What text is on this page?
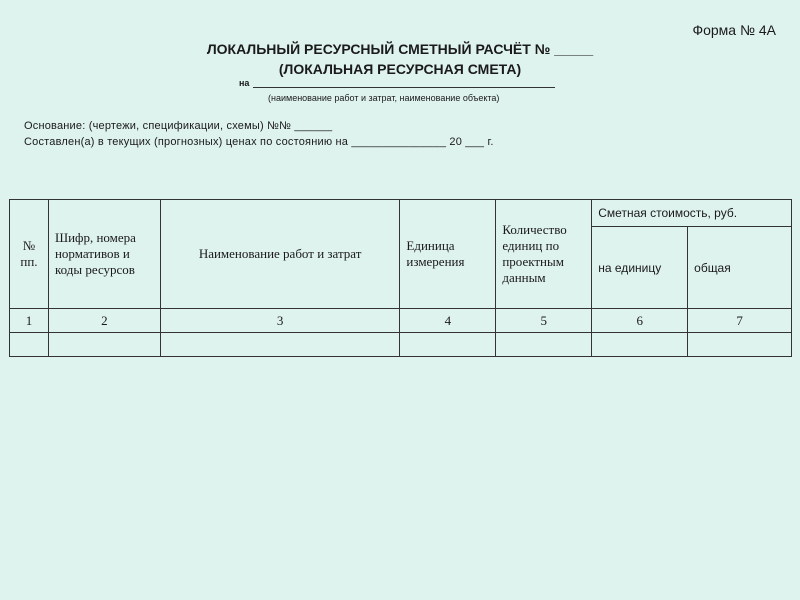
Форма № 4А
ЛОКАЛЬНЫЙ РЕСУРСНЫЙ СМЕТНЫЙ РАСЧЁТ № _____
(ЛОКАЛЬНАЯ РЕСУРСНАЯ СМЕТА)
на
(наименование работ и затрат, наименование объекта)
Основание: (чертежи, спецификации, схемы) №№ ______
Составлен(а) в текущих (прогнозных) ценах по состоянию на _______________ 20 ___ г.
№ пп.	Шифр, номера нормативов и коды ресурсов	Наименование работ и затрат	Единица измерения	Количество единиц по проектным данным	Сметная стоимость, руб.	
					на единицу	общая
1	2	3	4	5	6	7
